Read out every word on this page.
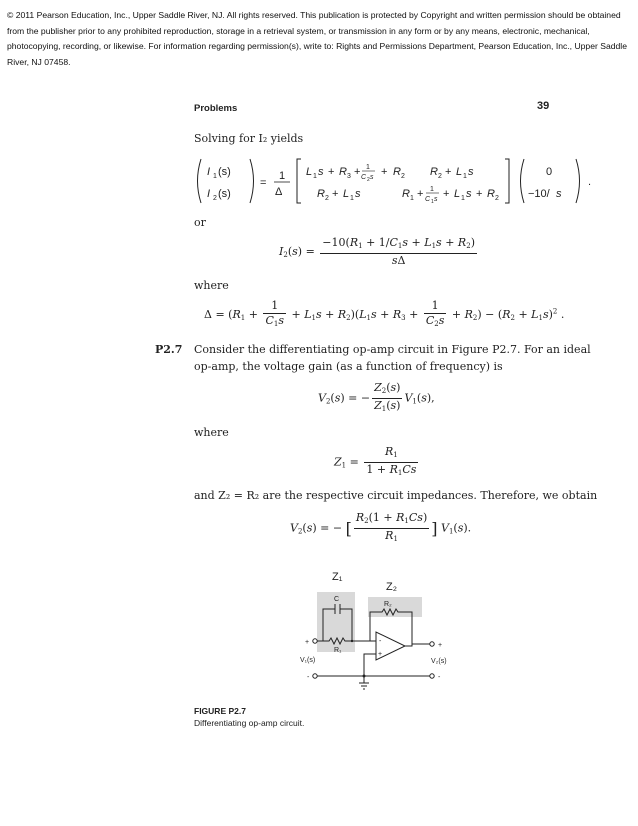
© 2011 Pearson Education, Inc., Upper Saddle River, NJ. All rights reserved. This publication is protected by Copyright and written permission should be obtained from the publisher prior to any prohibited reproduction, storage in a retrieval system, or transmission in any form or by any means, electronic, mechanical, photocopying, recording, or likewise. For information regarding permission(s), write to: Rights and Permissions Department, Pearson Education, Inc., Upper Saddle River, NJ 07458.
Problems	39
Solving for I₂ yields
I 1 (s)
I 2 (s)
=
1
Δ
L 1 s + R 3 + 1
C 2 s + R 2 R 2 + L 1 s
R 2 + L 1 s	R 1 + 1
C 1 s + L 1 s + R 2
0
−10/ s
.
or
$I_2(s) = \frac{-10(R_1 + 1/C_1s + L_1s + R_2)}{s\Delta}$
where
$\Delta = (R_1 + \frac{1}{C_1s} + L_1s + R_2)(L_1s + R_3 + \frac{1}{C_2s} + R_2) - (R_2 + L_1s)^2$ .
P2.7 Consider the differentiating op-amp circuit in Figure P2.7. For an ideal
op-amp, the voltage gain (as a function of frequency) is
$V_2(s)$ = − $\frac{Z_2(s)}{Z_1(s)} V_1(s)$,
where
$Z_1 = \frac{R_1}{1 + R_1Cs}$
and Z₂ = R₂ are the respective circuit impedances. Therefore, we obtain
$V_2(s)$ = − [ $\frac{R_2(1 + R_1Cs)}{R_1}$ ] $V_1(s)$.
Z₁
Z₂
C
R₁
R₂
+
-
V₁(s)
+
-
V₂(s)
-
+
FIGURE P2.7
Differentiating op-amp circuit.
